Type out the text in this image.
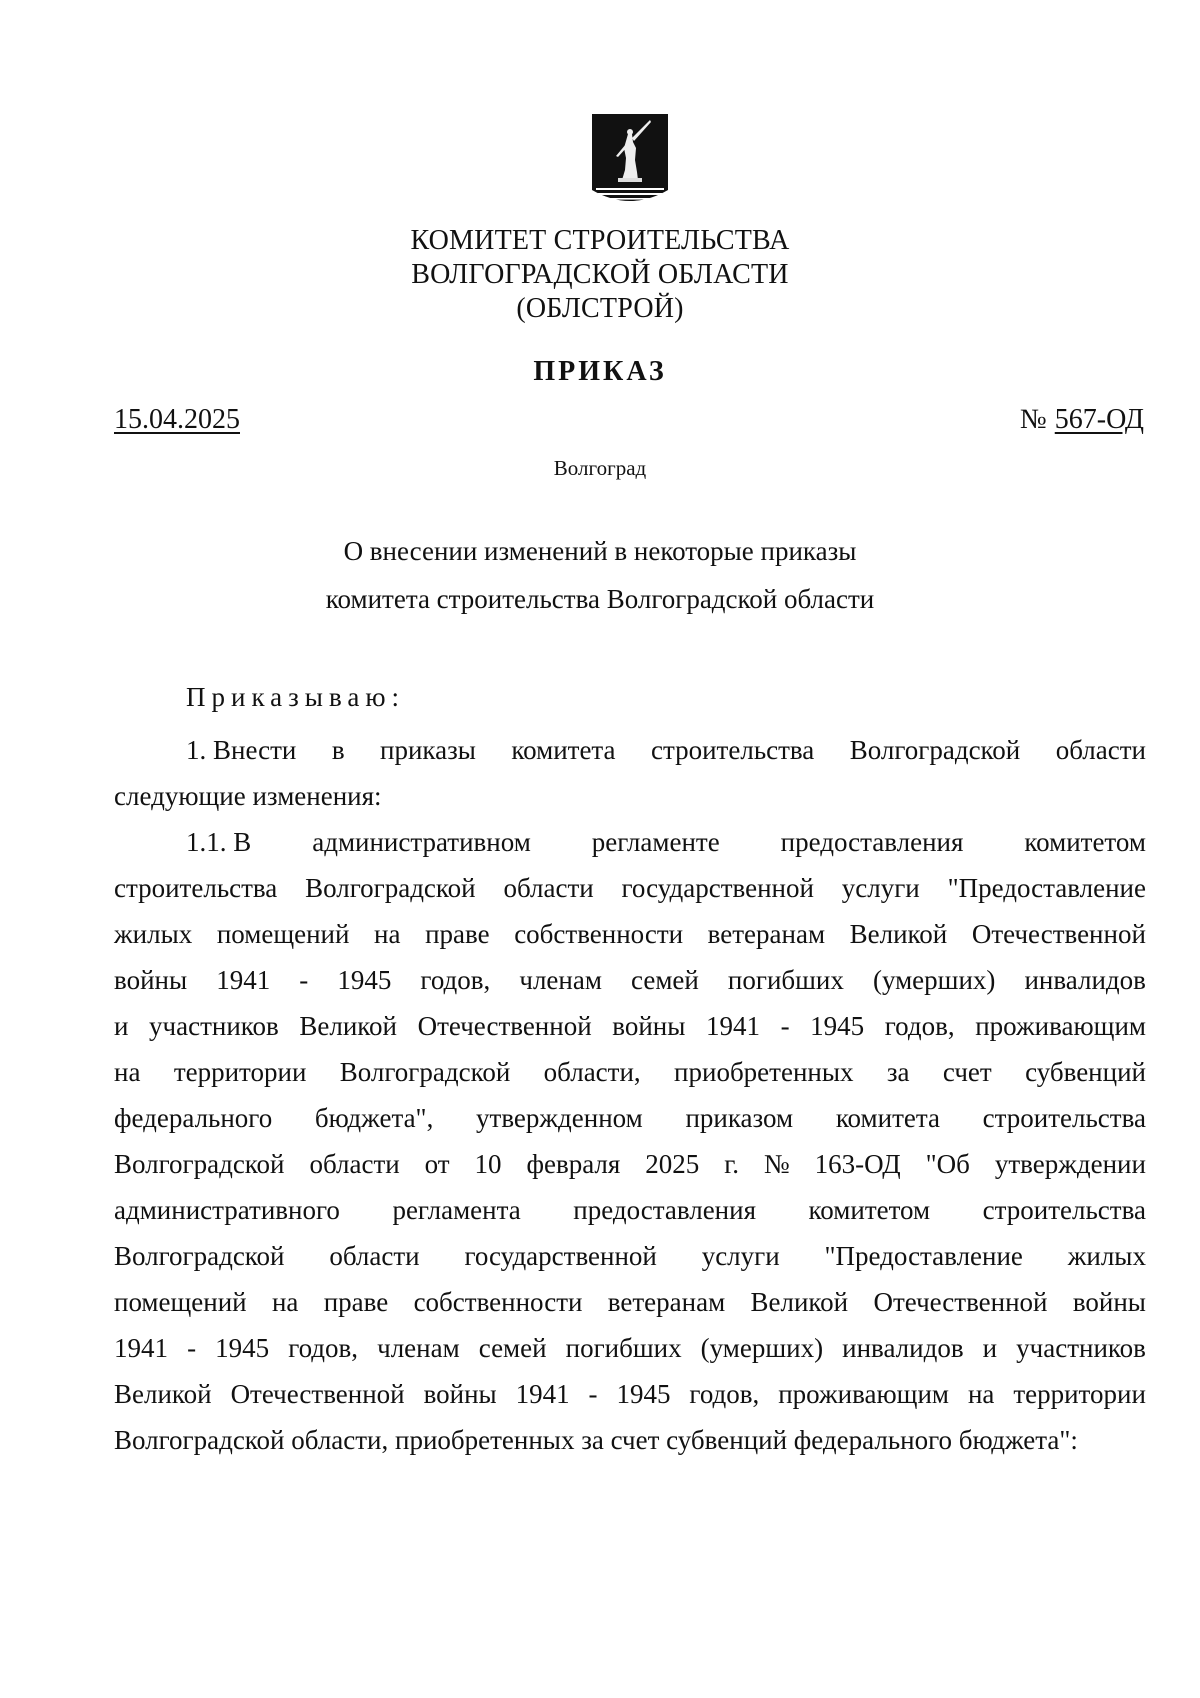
КОМИТЕТ СТРОИТЕЛЬСТВА
ВОЛГОГРАДСКОЙ ОБЛАСТИ
(ОБЛСТРОЙ)
ПРИКАЗ
15.04.2025	№ 567-ОД
Волгоград
О внесении изменений в некоторые приказы
комитета строительства Волгоградской области
Приказываю:
1. Внести в приказы комитета строительства Волгоградской области
следующие изменения:
1.1. В административном регламенте предоставления комитетом
строительства Волгоградской области государственной услуги "Предоставление
жилых помещений на праве собственности ветеранам Великой Отечественной
войны 1941 - 1945 годов, членам семей погибших (умерших) инвалидов
и участников Великой Отечественной войны 1941 - 1945 годов, проживающим
на территории Волгоградской области, приобретенных за счет субвенций
федерального бюджета", утвержденном приказом комитета строительства
Волгоградской области от 10 февраля 2025 г. № 163-ОД "Об утверждении
административного регламента предоставления комитетом строительства
Волгоградской области государственной услуги "Предоставление жилых
помещений на праве собственности ветеранам Великой Отечественной войны
1941 - 1945 годов, членам семей погибших (умерших) инвалидов и участников
Великой Отечественной войны 1941 - 1945 годов, проживающим на территории
Волгоградской области, приобретенных за счет субвенций федерального бюджета":
